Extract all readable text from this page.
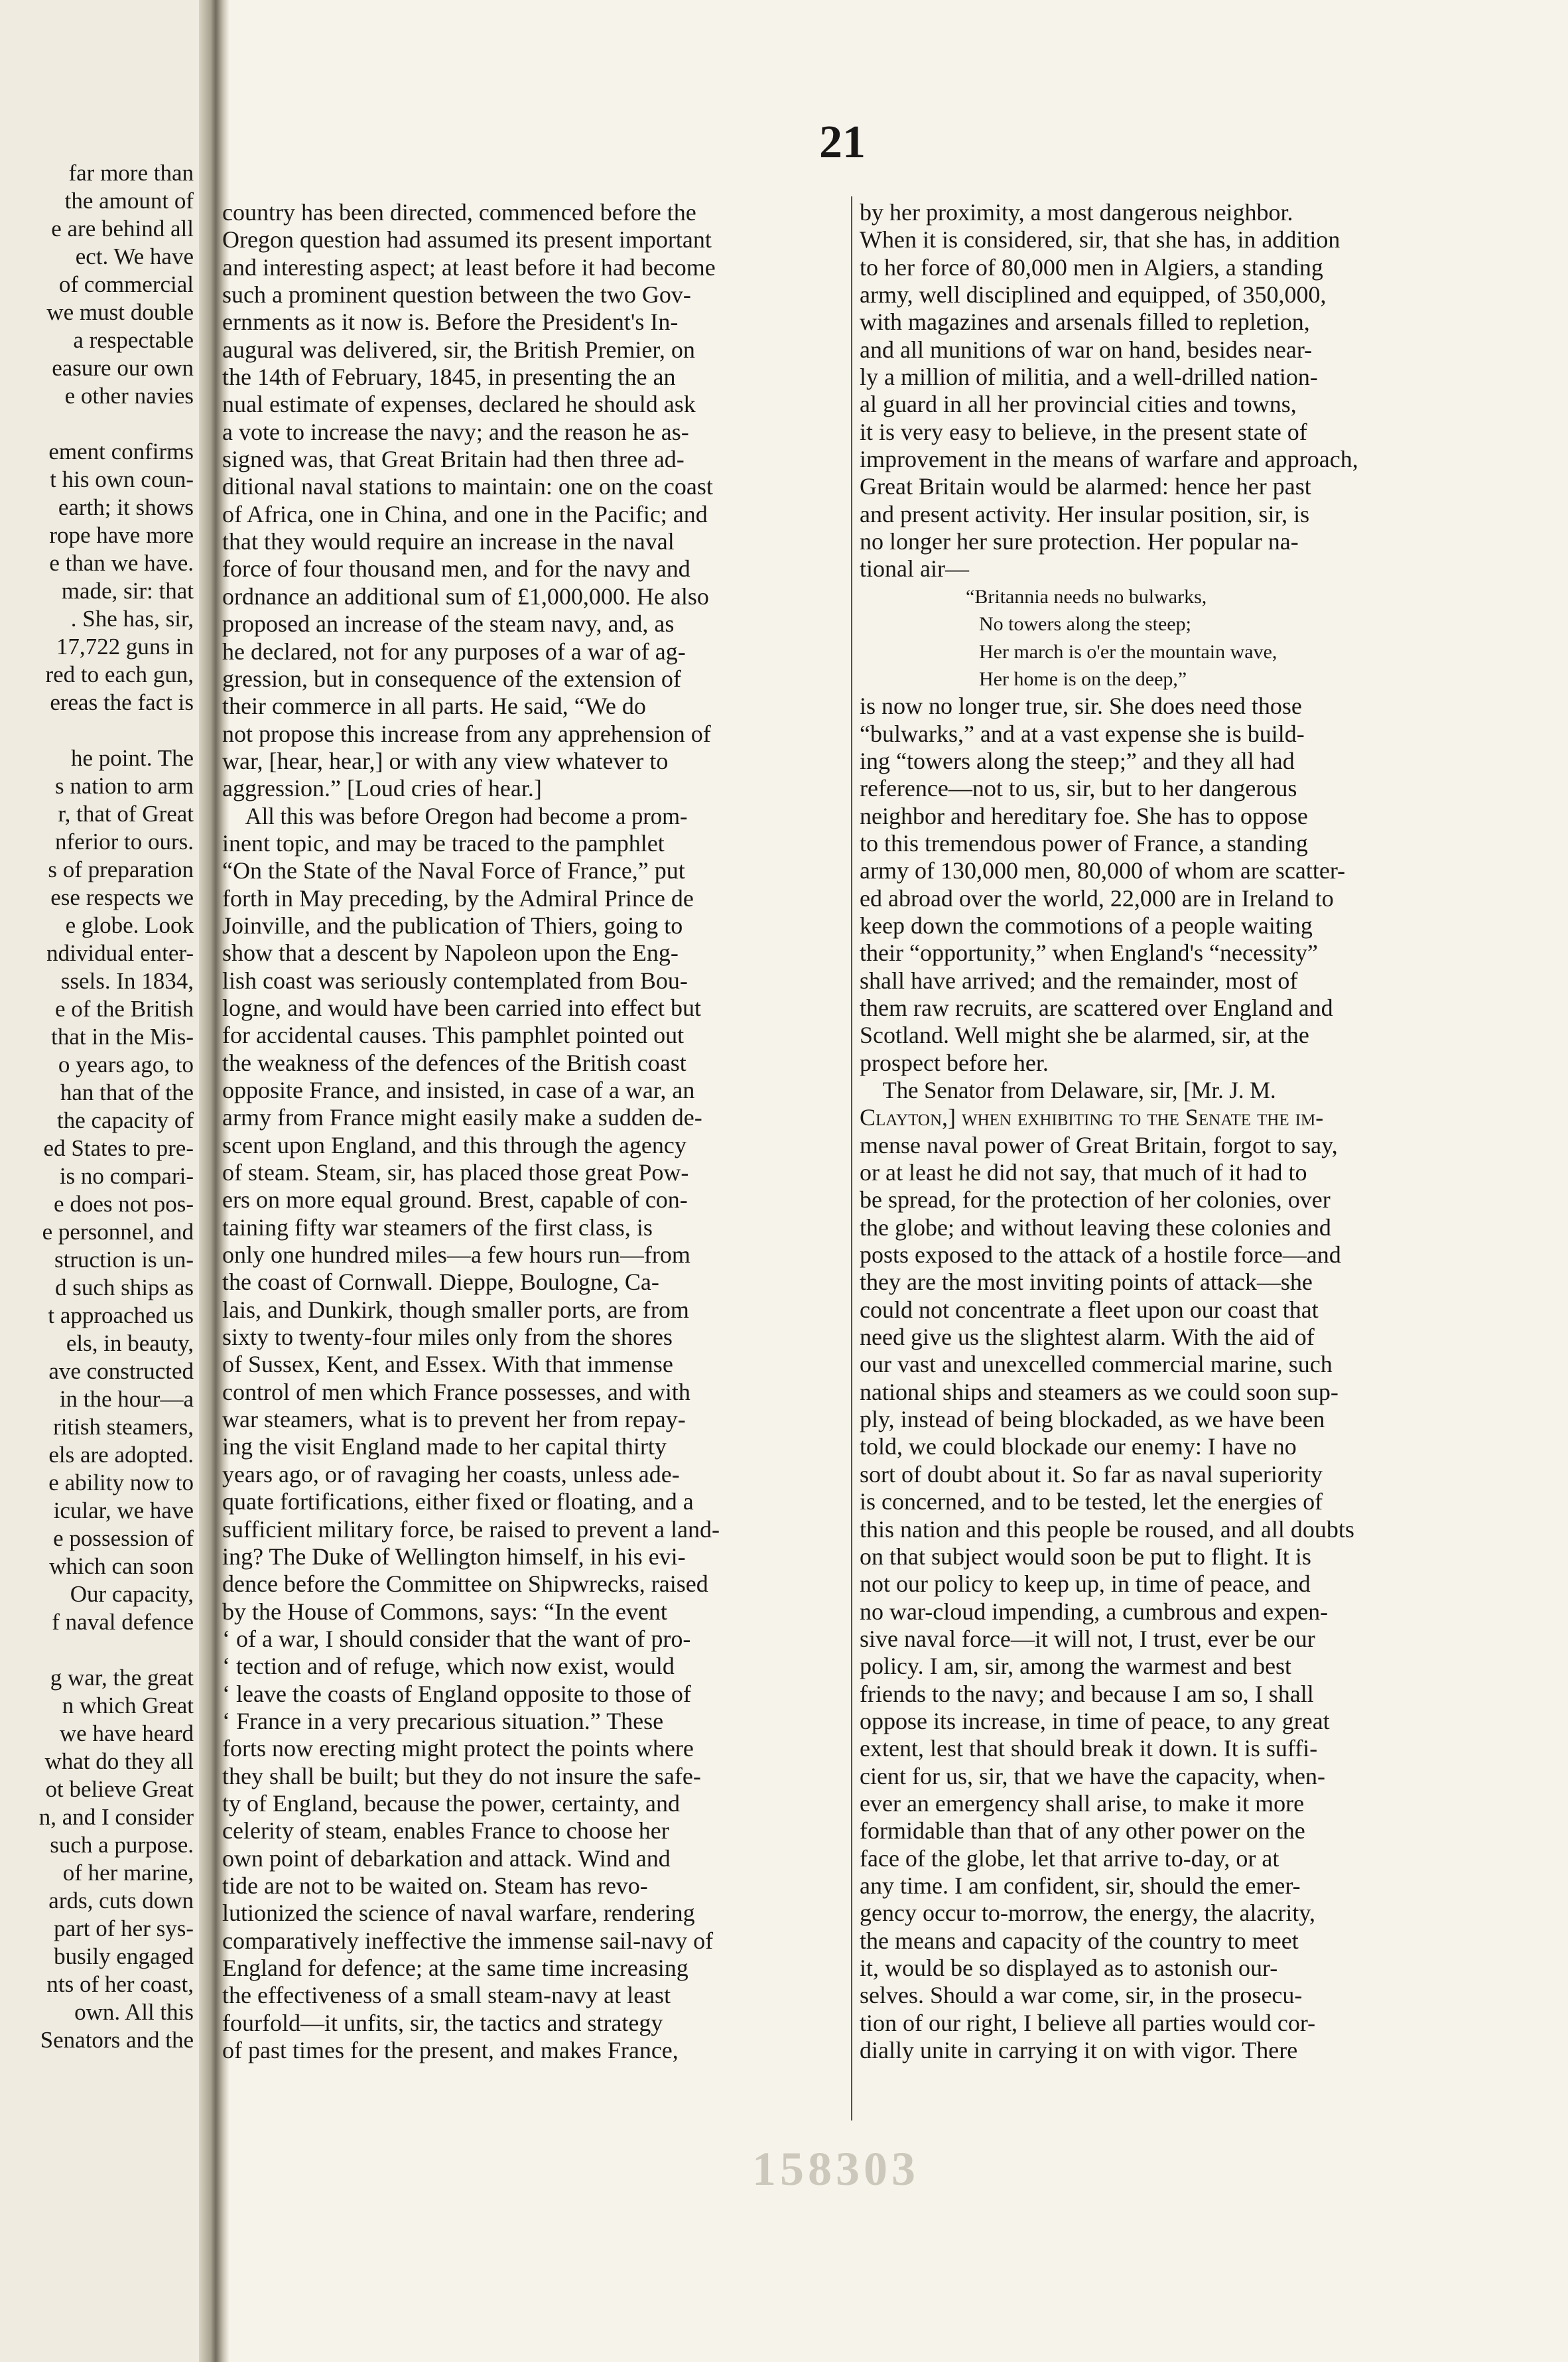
far more than
the amount of
e are behind all
ect. We have
of commercial
we must double
a respectable
easure our own
e other navies
ement confirms
t his own coun-
earth; it shows
rope have more
e than we have.
made, sir: that
. She has, sir,
17,722 guns in
red to each gun,
ereas the fact is
he point. The
s nation to arm
r, that of Great
nferior to ours.
s of preparation
ese respects we
e globe. Look
ndividual enter-
ssels. In 1834,
e of the British
that in the Mis-
o years ago, to
han that of the
the capacity of
ed States to pre-
is no compari-
e does not pos-
e personnel, and
struction is un-
d such ships as
t approached us
els, in beauty,
ave constructed
in the hour—a
ritish steamers,
els are adopted.
e ability now to
icular, we have
e possession of
which can soon
Our capacity,
f naval defence
g war, the great
n which Great
we have heard
what do they all
ot believe Great
n, and I consider
such a purpose.
of her marine,
ards, cuts down
part of her sys-
busily engaged
nts of her coast,
own. All this
Senators and the
21
country has been directed, commenced before the
Oregon question had assumed its present important
and interesting aspect; at least before it had become
such a prominent question between the two Gov-
ernments as it now is. Before the President's In-
augural was delivered, sir, the British Premier, on
the 14th of February, 1845, in presenting the an
nual estimate of expenses, declared he should ask
a vote to increase the navy; and the reason he as-
signed was, that Great Britain had then three ad-
ditional naval stations to maintain: one on the coast
of Africa, one in China, and one in the Pacific; and
that they would require an increase in the naval
force of four thousand men, and for the navy and
ordnance an additional sum of £1,000,000. He also
proposed an increase of the steam navy, and, as
he declared, not for any purposes of a war of ag-
gression, but in consequence of the extension of
their commerce in all parts. He said, “We do
not propose this increase from any apprehension of
war, [hear, hear,] or with any view whatever to
aggression.” [Loud cries of hear.]
All this was before Oregon had become a prom-
inent topic, and may be traced to the pamphlet
“On the State of the Naval Force of France,” put
forth in May preceding, by the Admiral Prince de
Joinville, and the publication of Thiers, going to
show that a descent by Napoleon upon the Eng-
lish coast was seriously contemplated from Bou-
logne, and would have been carried into effect but
for accidental causes. This pamphlet pointed out
the weakness of the defences of the British coast
opposite France, and insisted, in case of a war, an
army from France might easily make a sudden de-
scent upon England, and this through the agency
of steam. Steam, sir, has placed those great Pow-
ers on more equal ground. Brest, capable of con-
taining fifty war steamers of the first class, is
only one hundred miles—a few hours run—from
the coast of Cornwall. Dieppe, Boulogne, Ca-
lais, and Dunkirk, though smaller ports, are from
sixty to twenty-four miles only from the shores
of Sussex, Kent, and Essex. With that immense
control of men which France possesses, and with
war steamers, what is to prevent her from repay-
ing the visit England made to her capital thirty
years ago, or of ravaging her coasts, unless ade-
quate fortifications, either fixed or floating, and a
sufficient military force, be raised to prevent a land-
ing? The Duke of Wellington himself, in his evi-
dence before the Committee on Shipwrecks, raised
by the House of Commons, says: “In the event
‘ of a war, I should consider that the want of pro-
‘ tection and of refuge, which now exist, would
‘ leave the coasts of England opposite to those of
‘ France in a very precarious situation.” These
forts now erecting might protect the points where
they shall be built; but they do not insure the safe-
ty of England, because the power, certainty, and
celerity of steam, enables France to choose her
own point of debarkation and attack. Wind and
tide are not to be waited on. Steam has revo-
lutionized the science of naval warfare, rendering
comparatively ineffective the immense sail-navy of
England for defence; at the same time increasing
the effectiveness of a small steam-navy at least
fourfold—it unfits, sir, the tactics and strategy
of past times for the present, and makes France,
by her proximity, a most dangerous neighbor.
When it is considered, sir, that she has, in addition
to her force of 80,000 men in Algiers, a standing
army, well disciplined and equipped, of 350,000,
with magazines and arsenals filled to repletion,
and all munitions of war on hand, besides near-
ly a million of militia, and a well-drilled nation-
al guard in all her provincial cities and towns,
it is very easy to believe, in the present state of
improvement in the means of warfare and approach,
Great Britain would be alarmed: hence her past
and present activity. Her insular position, sir, is
no longer her sure protection. Her popular na-
tional air—
“Britannia needs no bulwarks,
No towers along the steep;
Her march is o'er the mountain wave,
Her home is on the deep,”
is now no longer true, sir. She does need those
“bulwarks,” and at a vast expense she is build-
ing “towers along the steep;” and they all had
reference—not to us, sir, but to her dangerous
neighbor and hereditary foe. She has to oppose
to this tremendous power of France, a standing
army of 130,000 men, 80,000 of whom are scatter-
ed abroad over the world, 22,000 are in Ireland to
keep down the commotions of a people waiting
their “opportunity,” when England's “necessity”
shall have arrived; and the remainder, most of
them raw recruits, are scattered over England and
Scotland. Well might she be alarmed, sir, at the
prospect before her.
The Senator from Delaware, sir, [Mr. J. M.
Clayton,] when exhibiting to the Senate the im-
mense naval power of Great Britain, forgot to say,
or at least he did not say, that much of it had to
be spread, for the protection of her colonies, over
the globe; and without leaving these colonies and
posts exposed to the attack of a hostile force—and
they are the most inviting points of attack—she
could not concentrate a fleet upon our coast that
need give us the slightest alarm. With the aid of
our vast and unexcelled commercial marine, such
national ships and steamers as we could soon sup-
ply, instead of being blockaded, as we have been
told, we could blockade our enemy: I have no
sort of doubt about it. So far as naval superiority
is concerned, and to be tested, let the energies of
this nation and this people be roused, and all doubts
on that subject would soon be put to flight. It is
not our policy to keep up, in time of peace, and
no war-cloud impending, a cumbrous and expen-
sive naval force—it will not, I trust, ever be our
policy. I am, sir, among the warmest and best
friends to the navy; and because I am so, I shall
oppose its increase, in time of peace, to any great
extent, lest that should break it down. It is suffi-
cient for us, sir, that we have the capacity, when-
ever an emergency shall arise, to make it more
formidable than that of any other power on the
face of the globe, let that arrive to-day, or at
any time. I am confident, sir, should the emer-
gency occur to-morrow, the energy, the alacrity,
the means and capacity of the country to meet
it, would be so displayed as to astonish our-
selves. Should a war come, sir, in the prosecu-
tion of our right, I believe all parties would cor-
dially unite in carrying it on with vigor. There
158303
